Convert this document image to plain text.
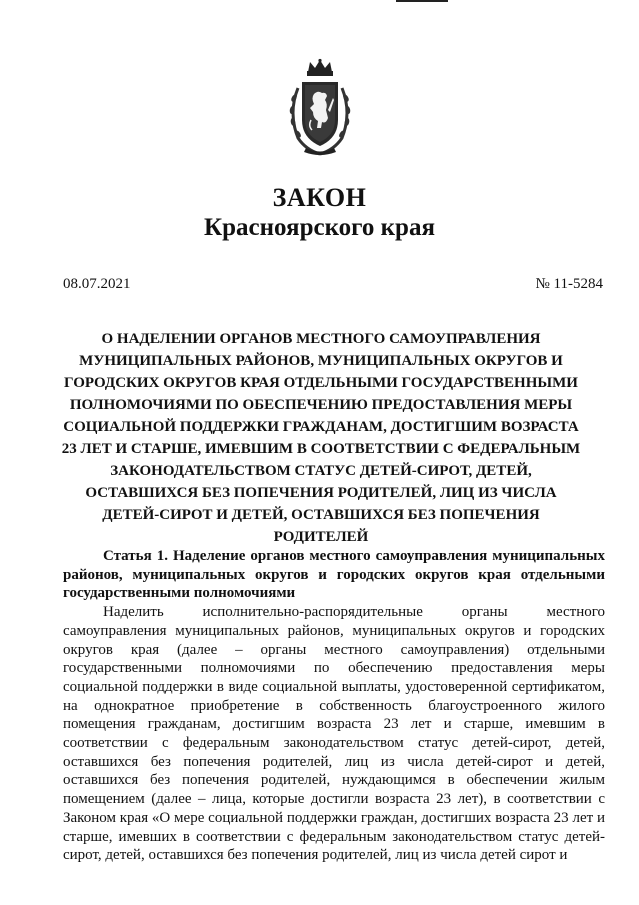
ЗАКОН
Красноярского края
08.07.2021	№ 11-5284
О НАДЕЛЕНИИ ОРГАНОВ МЕСТНОГО САМОУПРАВЛЕНИЯ МУНИЦИПАЛЬНЫХ РАЙОНОВ, МУНИЦИПАЛЬНЫХ ОКРУГОВ И ГОРОДСКИХ ОКРУГОВ КРАЯ ОТДЕЛЬНЫМИ ГОСУДАРСТВЕННЫМИ ПОЛНОМОЧИЯМИ ПО ОБЕСПЕЧЕНИЮ ПРЕДОСТАВЛЕНИЯ МЕРЫ СОЦИАЛЬНОЙ ПОДДЕРЖКИ ГРАЖДАНАМ, ДОСТИГШИМ ВОЗРАСТА 23 ЛЕТ И СТАРШЕ, ИМЕВШИМ В СООТВЕТСТВИИ С ФЕДЕРАЛЬНЫМ ЗАКОНОДАТЕЛЬСТВОМ СТАТУС ДЕТЕЙ-СИРОТ, ДЕТЕЙ, ОСТАВШИХСЯ БЕЗ ПОПЕЧЕНИЯ РОДИТЕЛЕЙ, ЛИЦ ИЗ ЧИСЛА ДЕТЕЙ-СИРОТ И ДЕТЕЙ, ОСТАВШИХСЯ БЕЗ ПОПЕЧЕНИЯ РОДИТЕЛЕЙ

Статья 1. Наделение органов местного самоуправления муниципальных районов, муниципальных округов и городских округов края отдельными государственными полномочиями

Наделить исполнительно-распорядительные органы местного самоуправления муниципальных районов, муниципальных округов и городских округов края (далее – органы местного самоуправления) отдельными государственными полномочиями по обеспечению предоставления меры социальной поддержки в виде социальной выплаты, удостоверенной сертификатом, на однократное приобретение в собственность благоустроенного жилого помещения гражданам, достигшим возраста 23 лет и старше, имевшим в соответствии с федеральным законодательством статус детей-сирот, детей, оставшихся без попечения родителей, лиц из числа детей-сирот и детей, оставшихся без попечения родителей, нуждающимся в обеспечении жилым помещением (далее – лица, которые достигли возраста 23 лет), в соответствии с Законом края «О мере социальной поддержки граждан, достигших возраста 23 лет и старше, имевших в соответствии с федеральным законодательством статус детей-сирот, детей, оставшихся без попечения родителей, лиц из числа детей сирот и
